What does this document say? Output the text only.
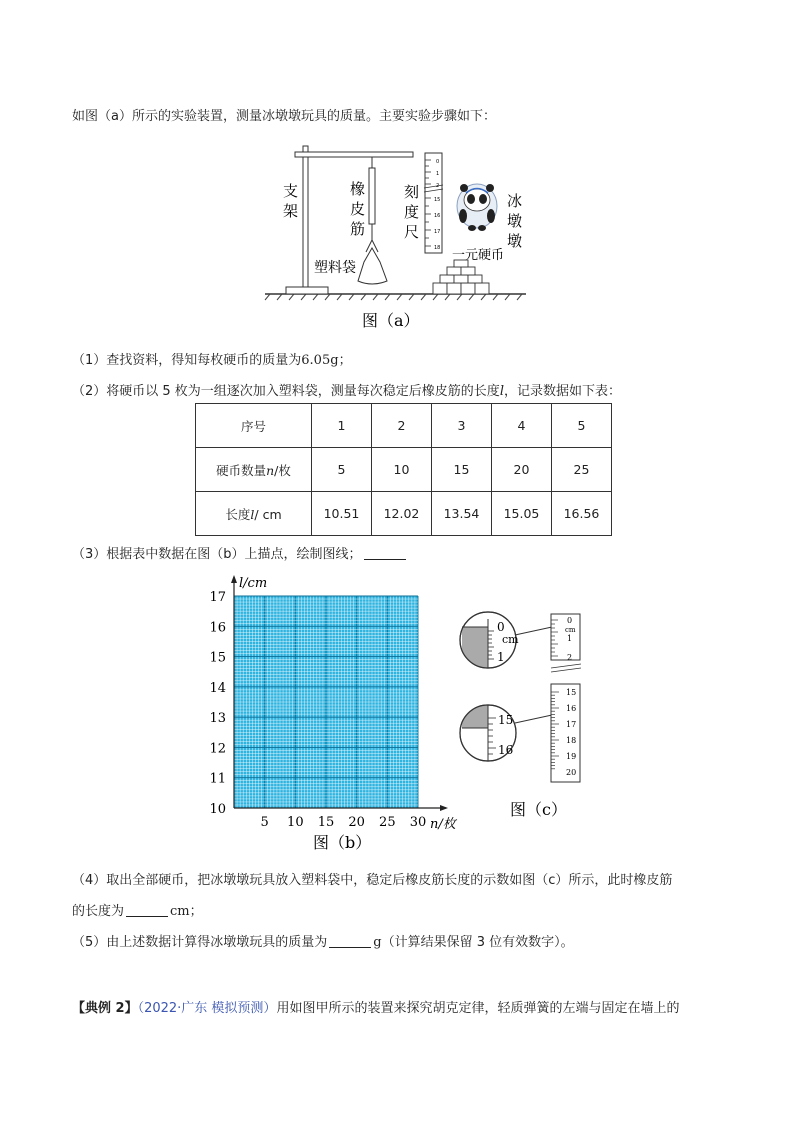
如图（a）所示的实验装置，测量冰墩墩玩具的质量。主要实验步骤如下：
0
1
2
15
16
17
18
支
架
橡
皮
筋
刻
度
尺
冰
墩
墩
塑料袋
一元硬币
图（a）
（1）查找资料，得知每枚硬币的质量为6.05g；
（2）将硬币以 5 枚为一组逐次加入塑料袋，测量每次稳定后橡皮筋的长度l，记录数据如下表：
序号	1	2	3	4	5
硬币数量n/枚	5	10	15	20	25
长度l/ cm	10.51	12.02	13.54	15.05	16.56
（3）根据表中数据在图（b）上描点，绘制图线；
10
11
12
13
14
15
16
17
5 10 15 20 25 30
l/cm
n/枚
图（b）
0
cm
1
0
cm
1
2
15
16
15
16
17
18
19
20
图（c）
（4）取出全部硬币，把冰墩墩玩具放入塑料袋中，稳定后橡皮筋长度的示数如图（c）所示，此时橡皮筋
的长度为	cm；
（5）由上述数据计算得冰墩墩玩具的质量为	g（计算结果保留 3 位有效数字）。
【典例 2】（2022·广东 模拟预测）用如图甲所示的装置来探究胡克定律，轻质弹簧的左端与固定在墙上的
